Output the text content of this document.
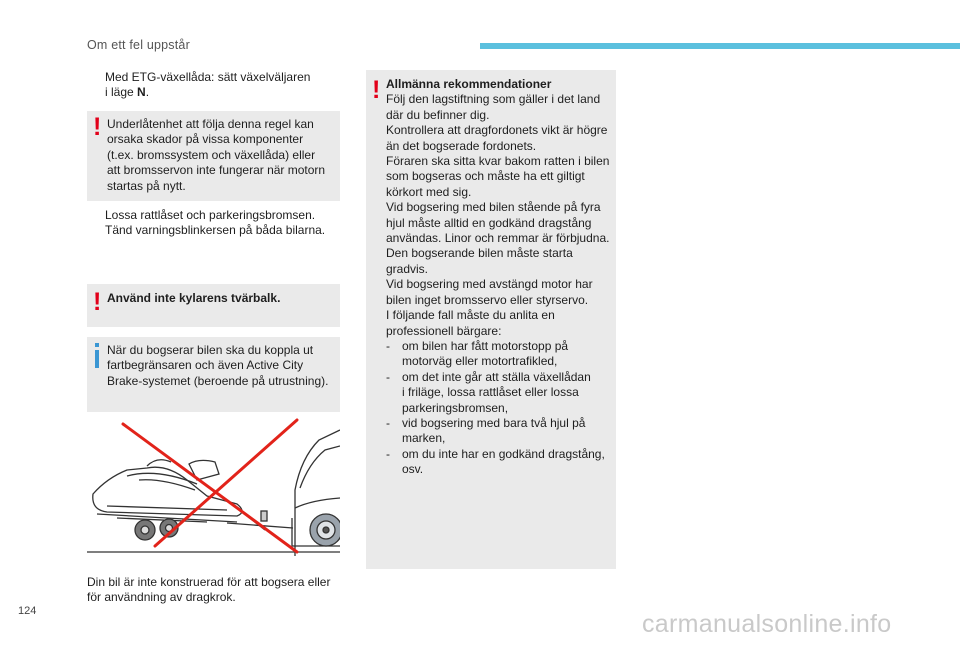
Om ett fel uppstår
Med ETG-växellåda: sätt växelväljaren
i läge N.
! Underlåtenhet att följa denna regel kan
orsaka skador på vissa komponenter
(t.ex. bromssystem och växellåda) eller
att bromsservon inte fungerar när motorn
startas på nytt.
Lossa rattlåset och parkeringsbromsen.
Tänd varningsblinkersen på båda bilarna.
! Använd inte kylarens tvärbalk.
När du bogserar bilen ska du koppla ut
fartbegränsaren och även Active City
Brake-systemet (beroende på utrustning).
Din bil är inte konstruerad för att bogsera eller
för användning av dragkrok.
! Allmänna rekommendationer
Följ den lagstiftning som gäller i det land
där du befinner dig.
Kontrollera att dragfordonets vikt är högre
än det bogserade fordonets.
Föraren ska sitta kvar bakom ratten i bilen
som bogseras och måste ha ett giltigt
körkort med sig.
Vid bogsering med bilen stående på fyra
hjul måste alltid en godkänd dragstång
användas. Linor och remmar är förbjudna.
Den bogserande bilen måste starta
gradvis.
Vid bogsering med avstängd motor har
bilen inget bromsservo eller styrservo.
I följande fall måste du anlita en
professionell bärgare:
-	om bilen har fått motorstopp på
motorväg eller motortrafikled,
-	om det inte går att ställa växellådan
i friläge, lossa rattlåset eller lossa
parkeringsbromsen,
-	vid bogsering med bara två hjul på
marken,
-	om du inte har en godkänd dragstång,
osv.
124	carmanualsonline.info
